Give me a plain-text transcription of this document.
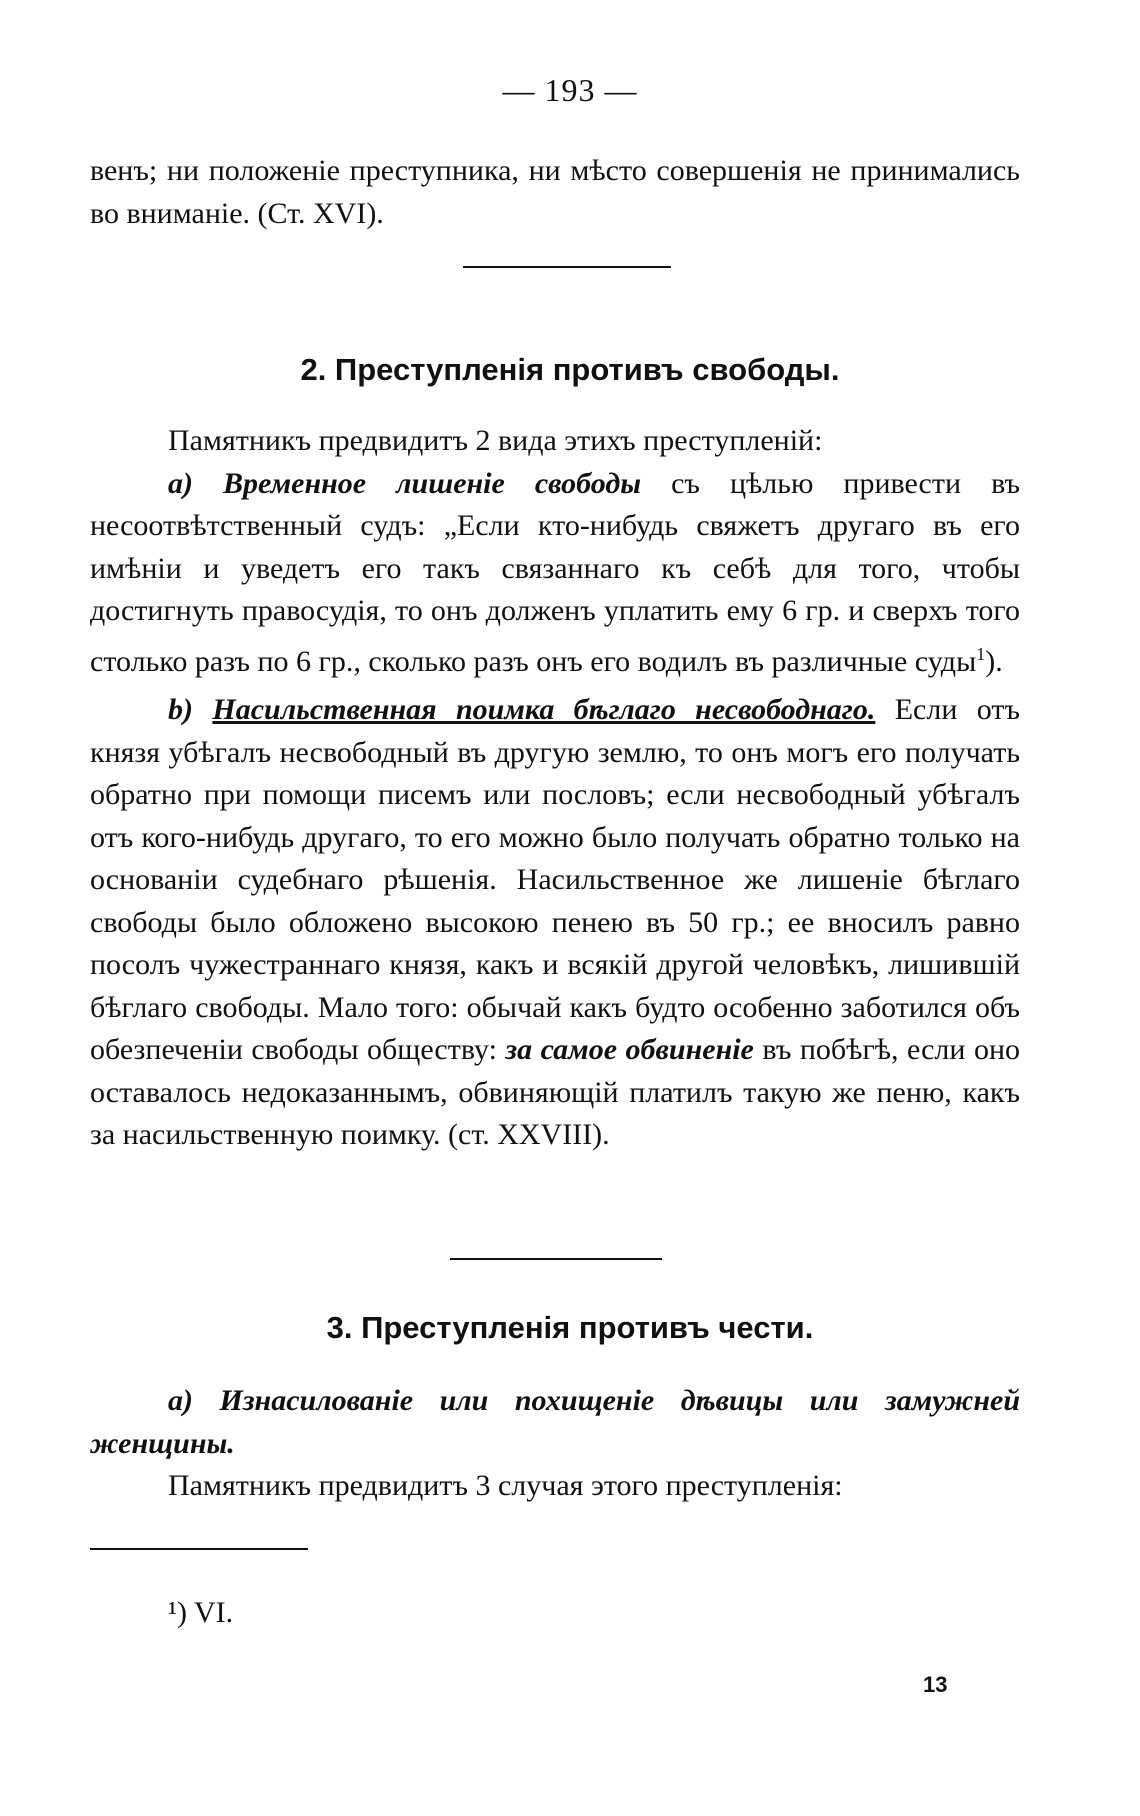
— 193 —

венъ; ни положеніе преступника, ни мѣсто совершенія не принимались во вниманіе. (Ст. XVI).

2. Преступленія противъ свободы.

Памятникъ предвидитъ 2 вида этихъ преступленій:

a) Временное лишеніе свободы съ цѣлью привести въ несоотвѣтственный судъ: „Если кто-нибудь свяжетъ другаго въ его имѣніи и уведетъ его такъ связаннаго къ себѣ для того, чтобы достигнуть правосудія, то онъ долженъ уплатить ему 6 гр. и сверхъ того столько разъ по 6 гр., сколько разъ онъ его водилъ въ различные суды$^1$).

b) Насильственная поимка бѣглаго несвободнаго. Если отъ князя убѣгалъ несвободный въ другую землю, то онъ могъ его получать обратно при помощи писемъ или пословъ; если несвободный убѣгалъ отъ кого-нибудь другаго, то его можно было получать обратно только на основаніи судебнаго рѣшенія. Насильственное же лишеніе бѣглаго свободы было обложено высокою пенею въ 50 гр.; ее вносилъ равно посолъ чужестраннаго князя, какъ и всякій другой человѣкъ, лишившій бѣглаго свободы. Мало того: обычай какъ будто особенно заботился объ обезпеченіи свободы обществу: за самое обвиненіе въ побѣгѣ, если оно оставалось недоказаннымъ, обвиняющій платилъ такую же пеню, какъ за насильственную поимку. (ст. XXVIII).

3. Преступленія противъ чести.

a) Изнасилованіе или похищеніе дѣвицы или замужней женщины.

Памятникъ предвидитъ 3 случая этого преступленія:

¹) VI.
13
